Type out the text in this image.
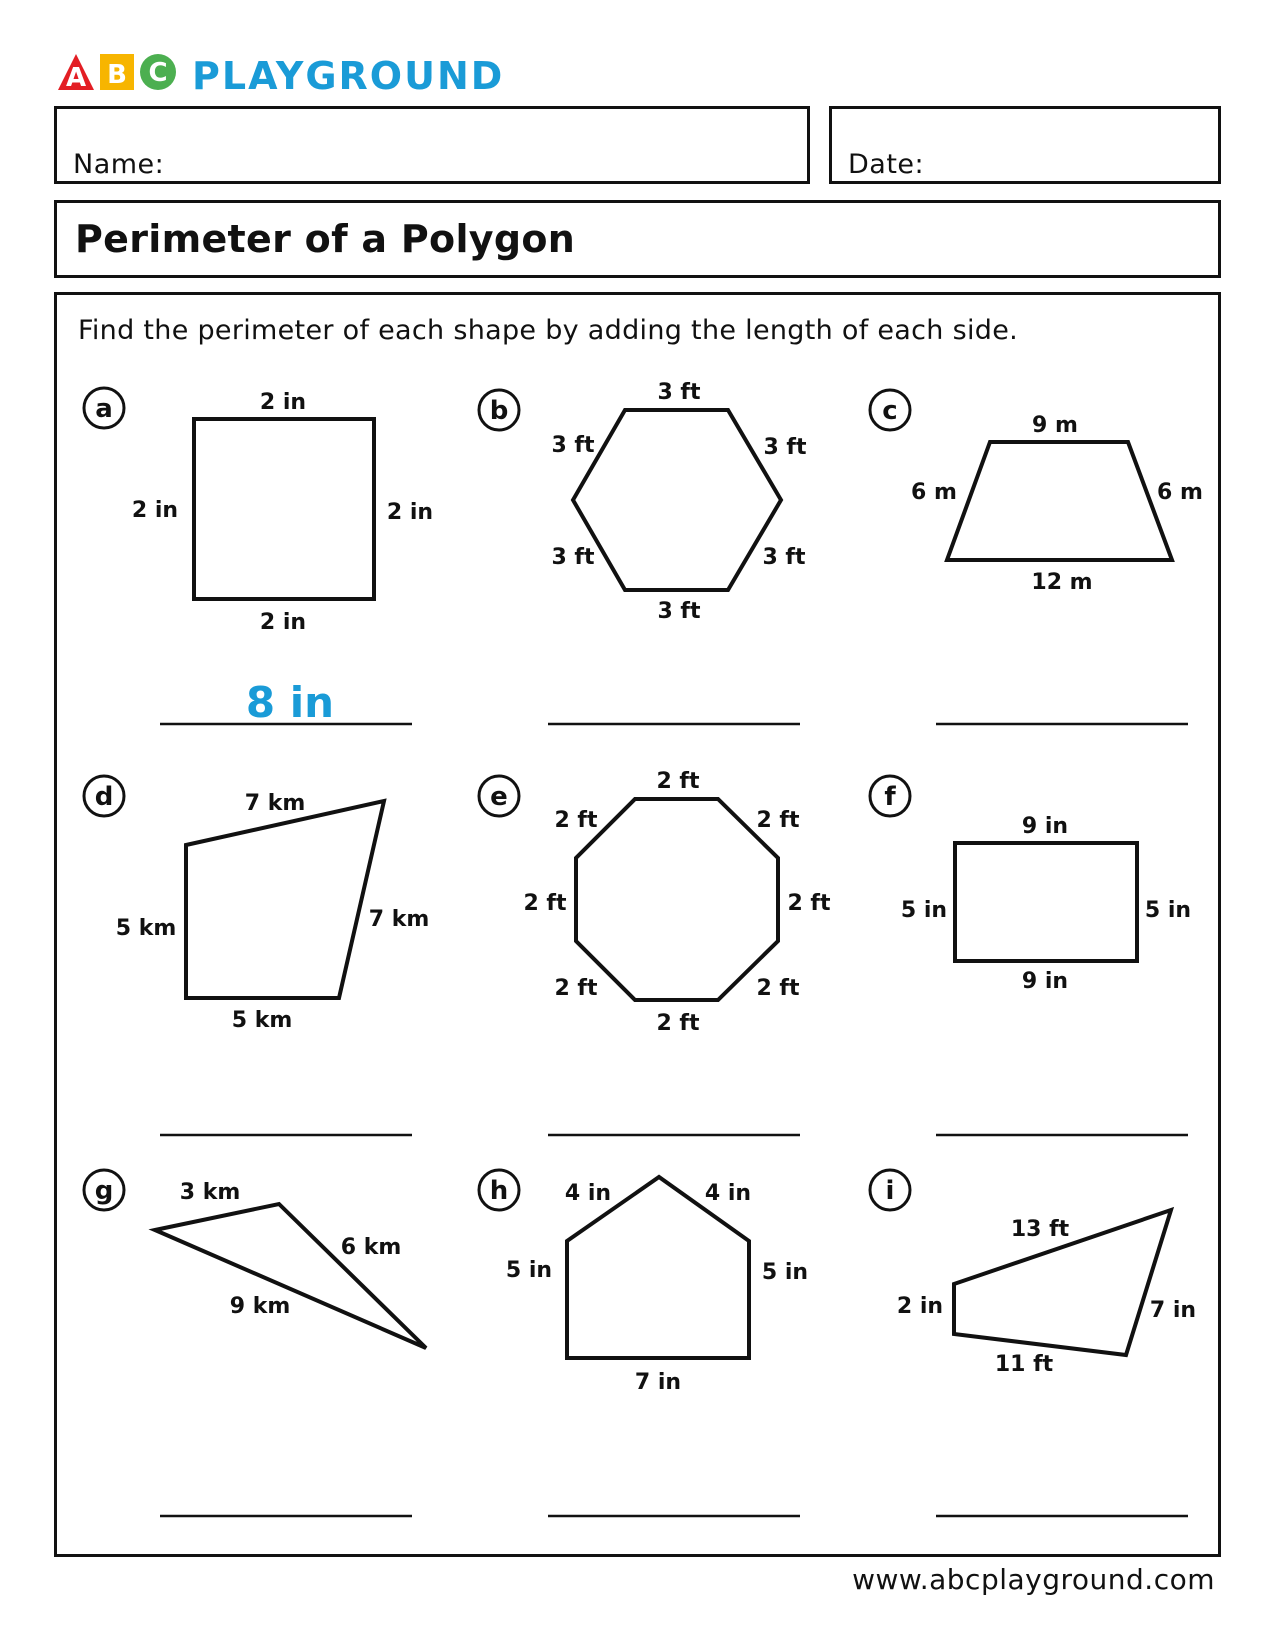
A B C PLAYGROUND
Name:	Date:
Perimeter of a Polygon
Find the perimeter of each shape by adding the length of each side.
a	2 in
2 in	2 in
2 in
8 in
b
3 ft
3 ft	3 ft
3 ft	3 ft
3 ft
c	9 m
6 m	6 m
12 m
d	7 km
5 km	7 km
5 km
e
2 ft
2 ft	2 ft
2 ft	2 ft
2 ft	2 ft
2 ft
f
9 in
5 in	5 in
9 in
g	3 km
6 km
9 km
h	4 in	4 in
5 in	5 in
7 in
i
13 ft
2 in	7 in
11 ft
www.abcplayground.com
